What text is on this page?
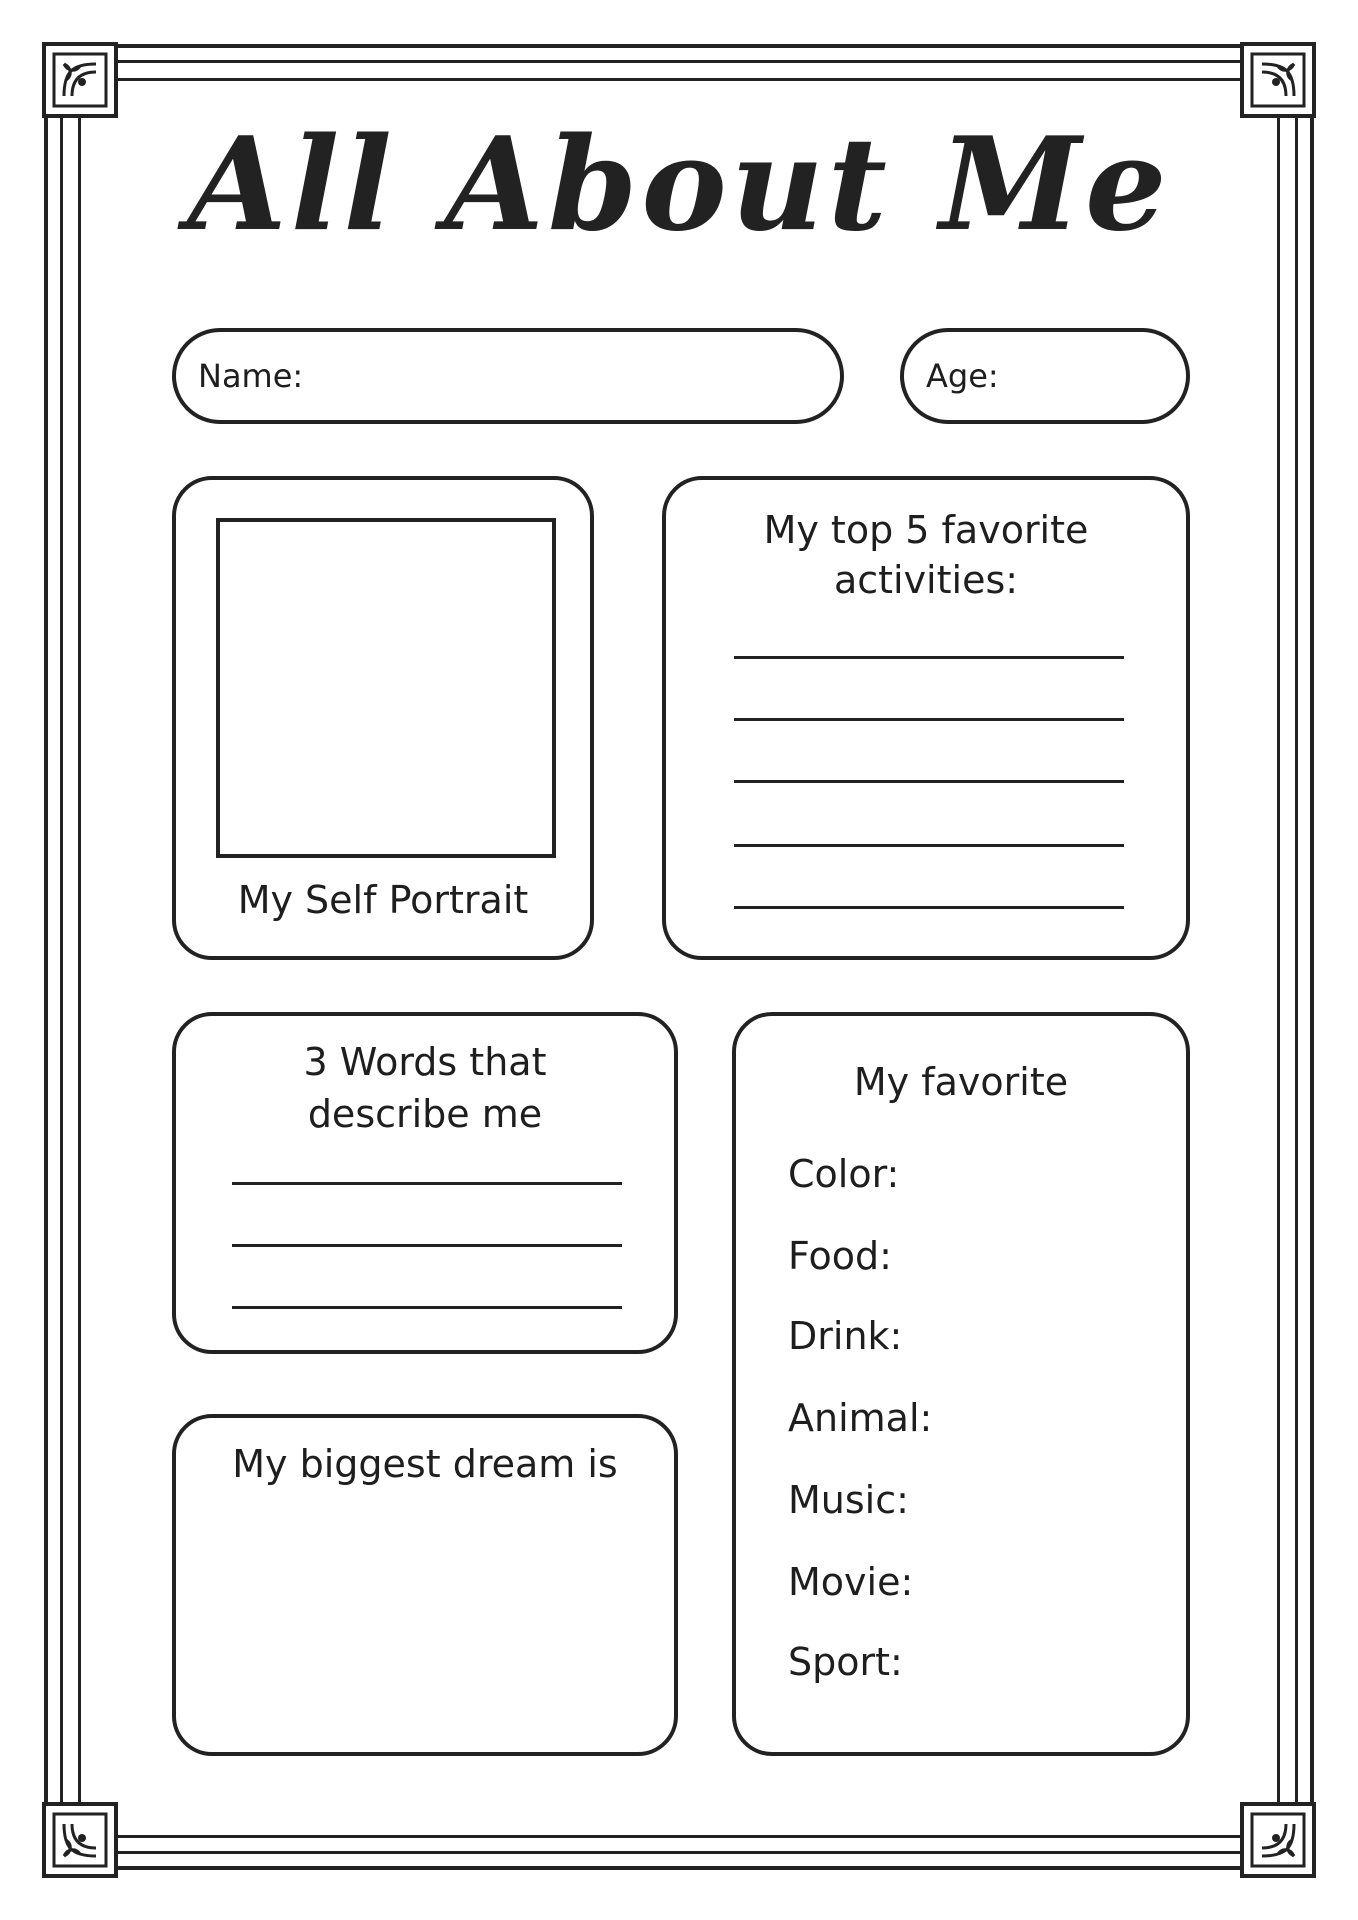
All About Me
Name:	Age:
My Self Portrait
My top 5 favorite
activities:
3 Words that
describe me
My biggest dream is
My favorite
Color:
Food:
Drink:
Animal:
Music:
Movie:
Sport:
